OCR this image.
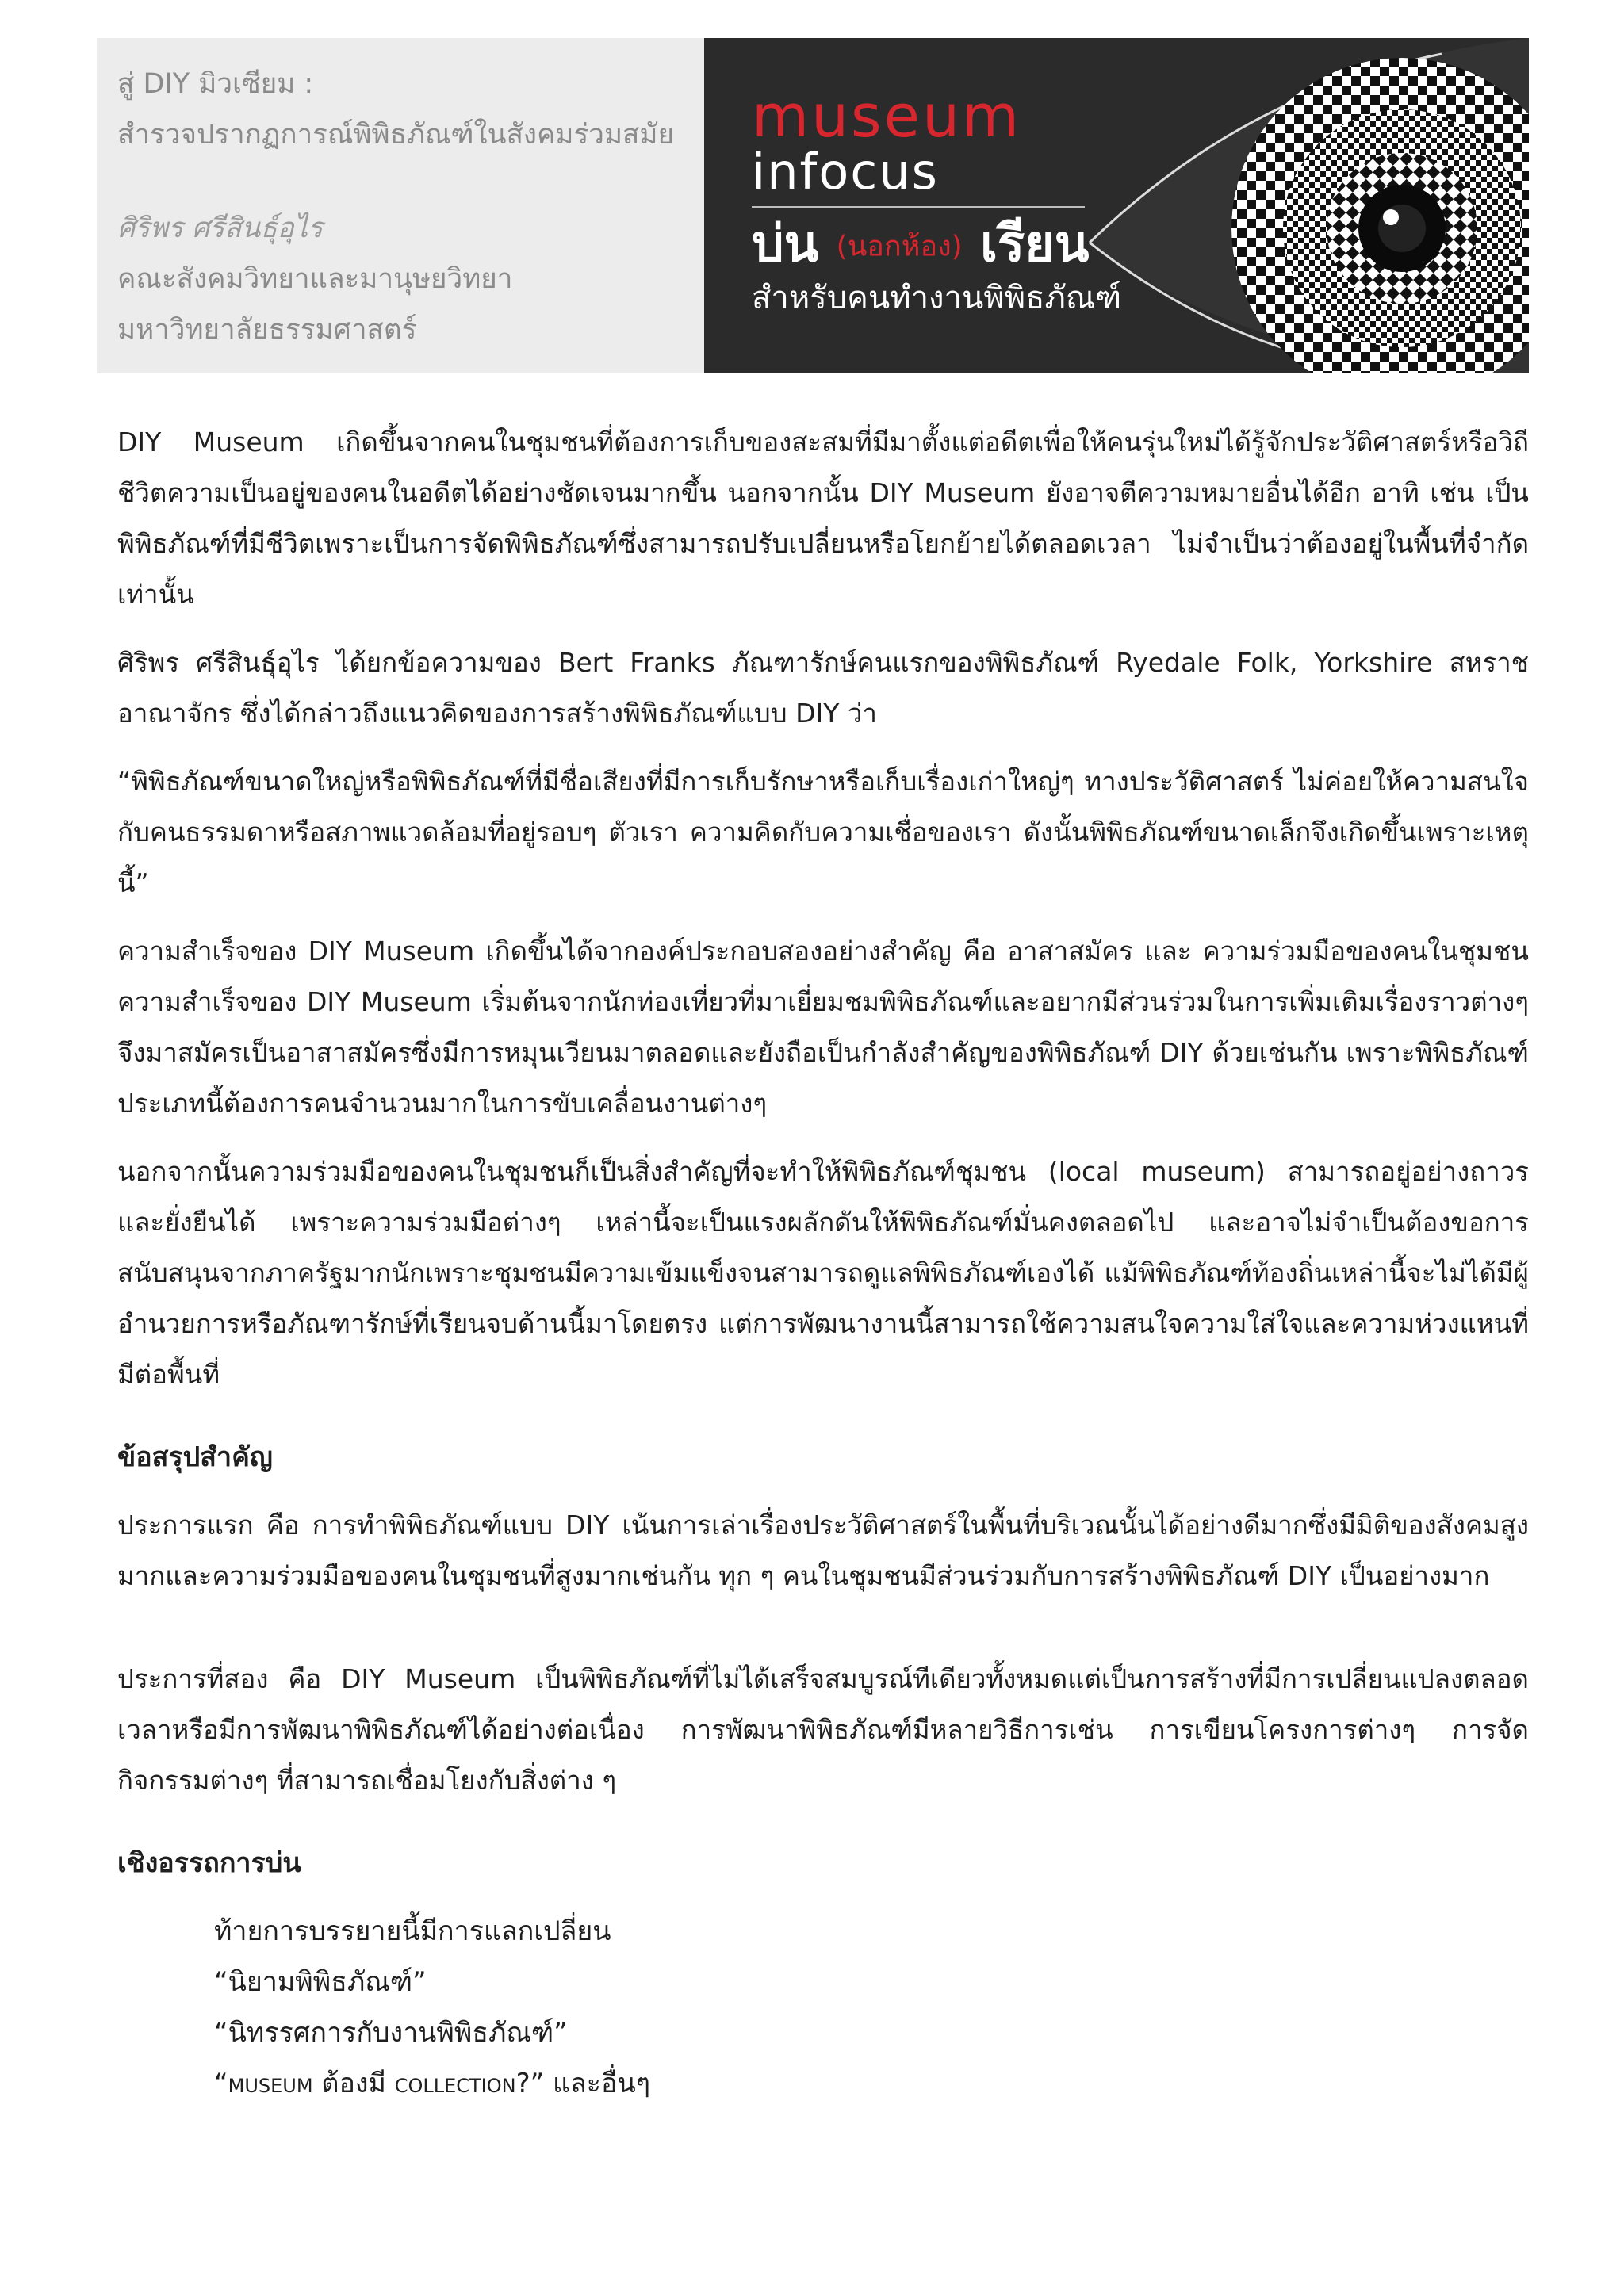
สู่ DIY มิวเซียม :
สำรวจปรากฏการณ์พิพิธภัณฑ์ในสังคมร่วมสมัย
ศิริพร ศรีสินธุ์อุไร
คณะสังคมวิทยาและมานุษยวิทยา
มหาวิทยาลัยธรรมศาสตร์
museum
infocus
บ่น (นอกห้อง) เรียน
สำหรับคนทำงานพิพิธภัณฑ์

DIY Museum เกิดขึ้นจากคนในชุมชนที่ต้องการเก็บของสะสมที่มีมาตั้งแต่อดีตเพื่อให้คนรุ่นใหม่ได้รู้จักประวัติศาสตร์หรือวิถีชีวิตความเป็นอยู่ของคนในอดีตได้อย่างชัดเจนมากขึ้น นอกจากนั้น DIY Museum ยังอาจตีความหมายอื่นได้อีก อาทิ เช่น เป็นพิพิธภัณฑ์ที่มีชีวิตเพราะเป็นการจัดพิพิธภัณฑ์ซึ่งสามารถปรับเปลี่ยนหรือโยกย้ายได้ตลอดเวลา ไม่จำเป็นว่าต้องอยู่ในพื้นที่จำกัดเท่านั้น

ศิริพร ศรีสินธุ์อุไร ได้ยกข้อความของ Bert Franks ภัณฑารักษ์คนแรกของพิพิธภัณฑ์ Ryedale Folk, Yorkshire สหราชอาณาจักร ซึ่งได้กล่าวถึงแนวคิดของการสร้างพิพิธภัณฑ์แบบ DIY ว่า

“พิพิธภัณฑ์ขนาดใหญ่หรือพิพิธภัณฑ์ที่มีชื่อเสียงที่มีการเก็บรักษาหรือเก็บเรื่องเก่าใหญ่ๆ ทางประวัติศาสตร์ ไม่ค่อยให้ความสนใจกับคนธรรมดาหรือสภาพแวดล้อมที่อยู่รอบๆ ตัวเรา ความคิดกับความเชื่อของเรา ดังนั้นพิพิธภัณฑ์ขนาดเล็กจึงเกิดขึ้นเพราะเหตุนี้”

ความสำเร็จของ DIY Museum เกิดขึ้นได้จากองค์ประกอบสองอย่างสำคัญ คือ อาสาสมัคร และ ความร่วมมือของคนในชุมชน ความสำเร็จของ DIY Museum เริ่มต้นจากนักท่องเที่ยวที่มาเยี่ยมชมพิพิธภัณฑ์และอยากมีส่วนร่วมในการเพิ่มเติมเรื่องราวต่างๆ จึงมาสมัครเป็นอาสาสมัครซึ่งมีการหมุนเวียนมาตลอดและยังถือเป็นกำลังสำคัญของพิพิธภัณฑ์ DIY ด้วยเช่นกัน เพราะพิพิธภัณฑ์ประเภทนี้ต้องการคนจำนวนมากในการขับเคลื่อนงานต่างๆ

นอกจากนั้นความร่วมมือของคนในชุมชนก็เป็นสิ่งสำคัญที่จะทำให้พิพิธภัณฑ์ชุมชน (local museum) สามารถอยู่อย่างถาวรและยั่งยืนได้ เพราะความร่วมมือต่างๆ เหล่านี้จะเป็นแรงผลักดันให้พิพิธภัณฑ์มั่นคงตลอดไป และอาจไม่จำเป็นต้องขอการสนับสนุนจากภาครัฐมากนักเพราะชุมชนมีความเข้มแข็งจนสามารถดูแลพิพิธภัณฑ์เองได้ แม้พิพิธภัณฑ์ท้องถิ่นเหล่านี้จะไม่ได้มีผู้อำนวยการหรือภัณฑารักษ์ที่เรียนจบด้านนี้มาโดยตรง แต่การพัฒนางานนี้สามารถใช้ความสนใจความใส่ใจและความห่วงแหนที่มีต่อพื้นที่

ข้อสรุปสำคัญ

ประการแรก คือ การทำพิพิธภัณฑ์แบบ DIY เน้นการเล่าเรื่องประวัติศาสตร์ในพื้นที่บริเวณนั้นได้อย่างดีมากซึ่งมีมิติของสังคมสูงมากและความร่วมมือของคนในชุมชนที่สูงมากเช่นกัน ทุก ๆ คนในชุมชนมีส่วนร่วมกับการสร้างพิพิธภัณฑ์ DIY เป็นอย่างมาก

ประการที่สอง คือ DIY Museum เป็นพิพิธภัณฑ์ที่ไม่ได้เสร็จสมบูรณ์ทีเดียวทั้งหมดแต่เป็นการสร้างที่มีการเปลี่ยนแปลงตลอดเวลาหรือมีการพัฒนาพิพิธภัณฑ์ได้อย่างต่อเนื่อง การพัฒนาพิพิธภัณฑ์มีหลายวิธีการเช่น การเขียนโครงการต่างๆ การจัดกิจกรรมต่างๆ ที่สามารถเชื่อมโยงกับสิ่งต่าง ๆ

เชิงอรรถการบ่น
ท้ายการบรรยายนี้มีการแลกเปลี่ยน
“นิยามพิพิธภัณฑ์”
“นิทรรศการกับงานพิพิธภัณฑ์”
“museum ต้องมี collection?” และอื่นๆ
